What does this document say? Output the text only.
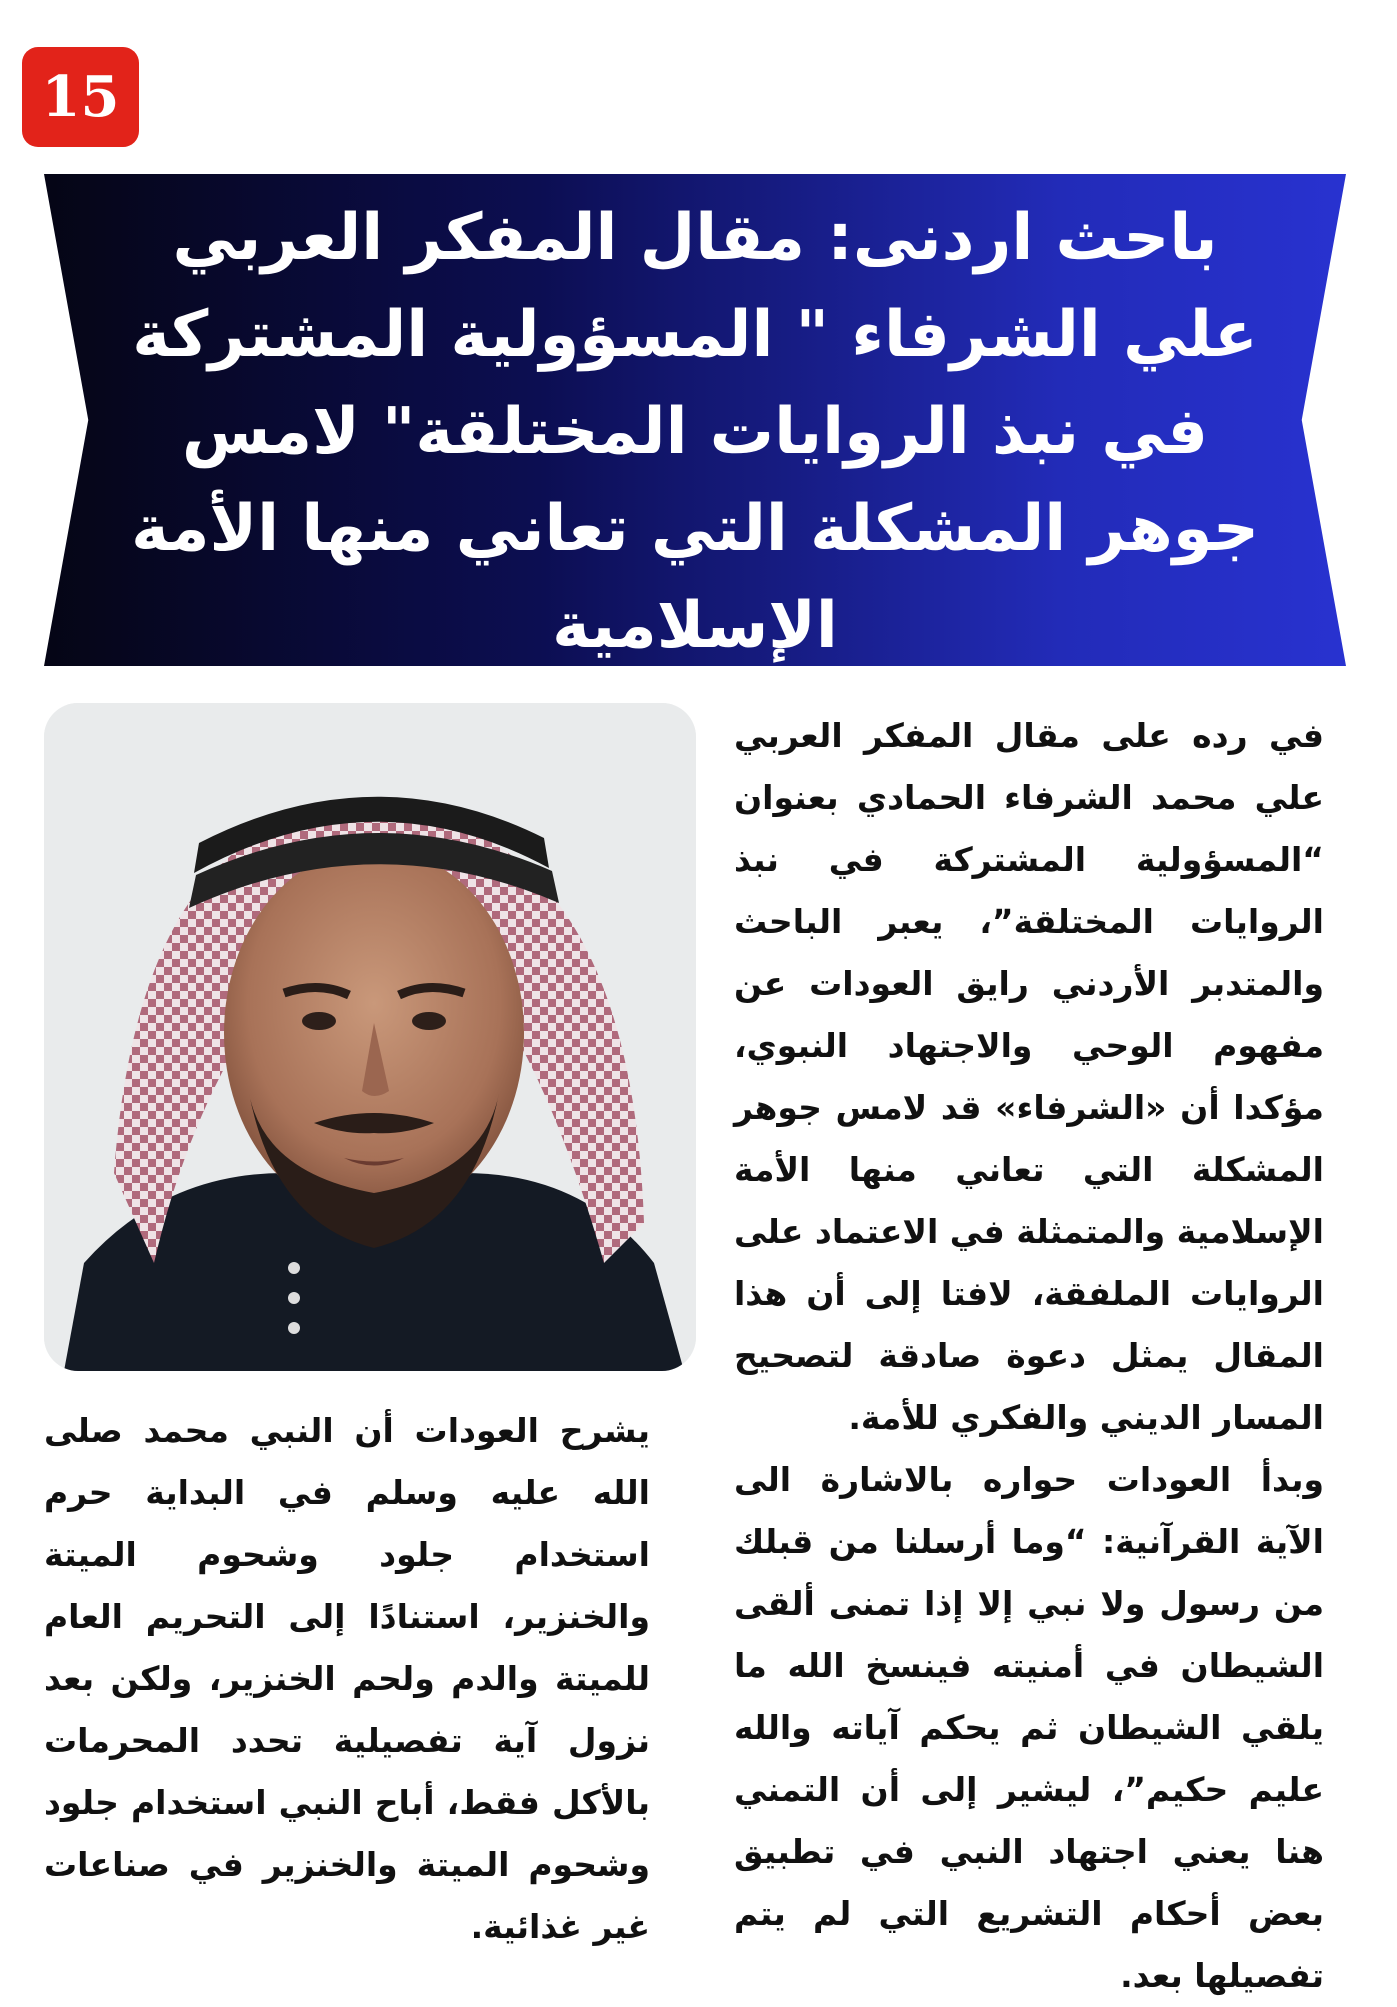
15
باحث اردنى: مقال المفكر العربي علي الشرفاء " المسؤولية المشتركة في نبذ الروايات المختلقة" لامس جوهر المشكلة التي تعاني منها الأمة الإسلامية

في رده على مقال المفكر العربي علي محمد الشرفاء الحمادي بعنوان “المسؤولية المشتركة في نبذ الروايات المختلقة”، يعبر الباحث والمتدبر الأردني رايق العودات عن مفهوم الوحي والاجتهاد النبوي، مؤكدا أن «الشرفاء» قد لامس جوهر المشكلة التي تعاني منها الأمة الإسلامية والمتمثلة في الاعتماد على الروايات الملفقة، لافتا إلى أن هذا المقال يمثل دعوة صادقة لتصحيح المسار الديني والفكري للأمة.

وبدأ العودات حواره بالاشارة الى الآية القرآنية: “وما أرسلنا من قبلك من رسول ولا نبي إلا إذا تمنى ألقى الشيطان في أمنيته فينسخ الله ما يلقي الشيطان ثم يحكم آياته والله عليم حكيم”، ليشير إلى أن التمني هنا يعني اجتهاد النبي في تطبيق بعض أحكام التشريع التي لم يتم تفصيلها بعد.

يشرح العودات أن النبي محمد صلى الله عليه وسلم في البداية حرم استخدام جلود وشحوم الميتة والخنزير، استنادًا إلى التحريم العام للميتة والدم ولحم الخنزير، ولكن بعد نزول آية تفصيلية تحدد المحرمات بالأكل فقط، أباح النبي استخدام جلود وشحوم الميتة والخنزير في صناعات غير غذائية.
